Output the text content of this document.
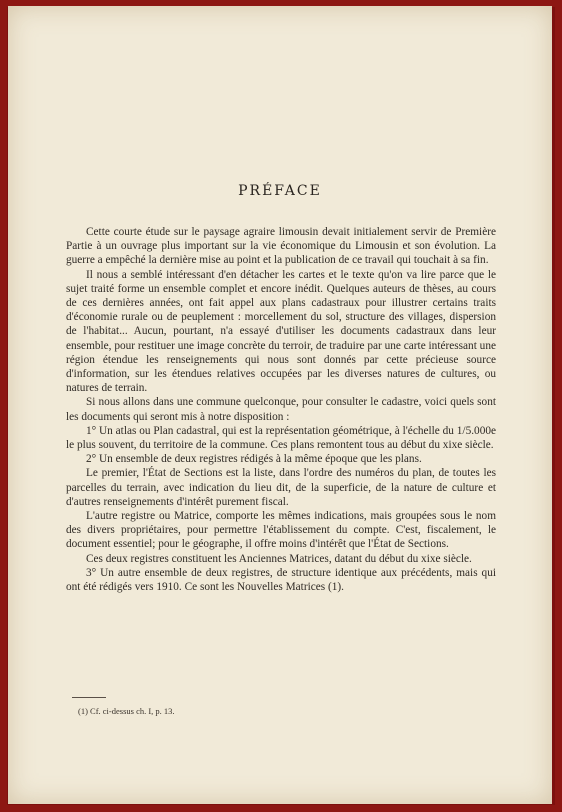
PRÉFACE

Cette courte étude sur le paysage agraire limousin devait initialement servir de Première Partie à un ouvrage plus important sur la vie économique du Limousin et son évolution. La guerre a empêché la dernière mise au point et la publication de ce travail qui touchait à sa fin.

Il nous a semblé intéressant d'en détacher les cartes et le texte qu'on va lire parce que le sujet traité forme un ensemble complet et encore inédit. Quelques auteurs de thèses, au cours de ces dernières années, ont fait appel aux plans cadastraux pour illustrer certains traits d'économie rurale ou de peuplement : morcellement du sol, structure des villages, dispersion de l'habitat... Aucun, pourtant, n'a essayé d'utiliser les documents cadastraux dans leur ensemble, pour restituer une image concrète du terroir, de traduire par une carte intéressant une région étendue les renseignements qui nous sont donnés par cette précieuse source d'information, sur les étendues relatives occupées par les diverses natures de cultures, ou natures de terrain.

Si nous allons dans une commune quelconque, pour consulter le cadastre, voici quels sont les documents qui seront mis à notre disposition :

1° Un atlas ou Plan cadastral, qui est la représentation géométrique, à l'échelle du 1/5.000e le plus souvent, du territoire de la commune. Ces plans remontent tous au début du xixe siècle.

2° Un ensemble de deux registres rédigés à la même époque que les plans.

Le premier, l'État de Sections est la liste, dans l'ordre des numéros du plan, de toutes les parcelles du terrain, avec indication du lieu dit, de la superficie, de la nature de culture et d'autres renseignements d'intérêt purement fiscal.

L'autre registre ou Matrice, comporte les mêmes indications, mais groupées sous le nom des divers propriétaires, pour permettre l'établissement du compte. C'est, fiscalement, le document essentiel; pour le géographe, il offre moins d'intérêt que l'État de Sections.

Ces deux registres constituent les Anciennes Matrices, datant du début du xixe siècle.

3° Un autre ensemble de deux registres, de structure identique aux précédents, mais qui ont été rédigés vers 1910. Ce sont les Nouvelles Matrices (1).

(1) Cf. ci-dessus ch. I, p. 13.
